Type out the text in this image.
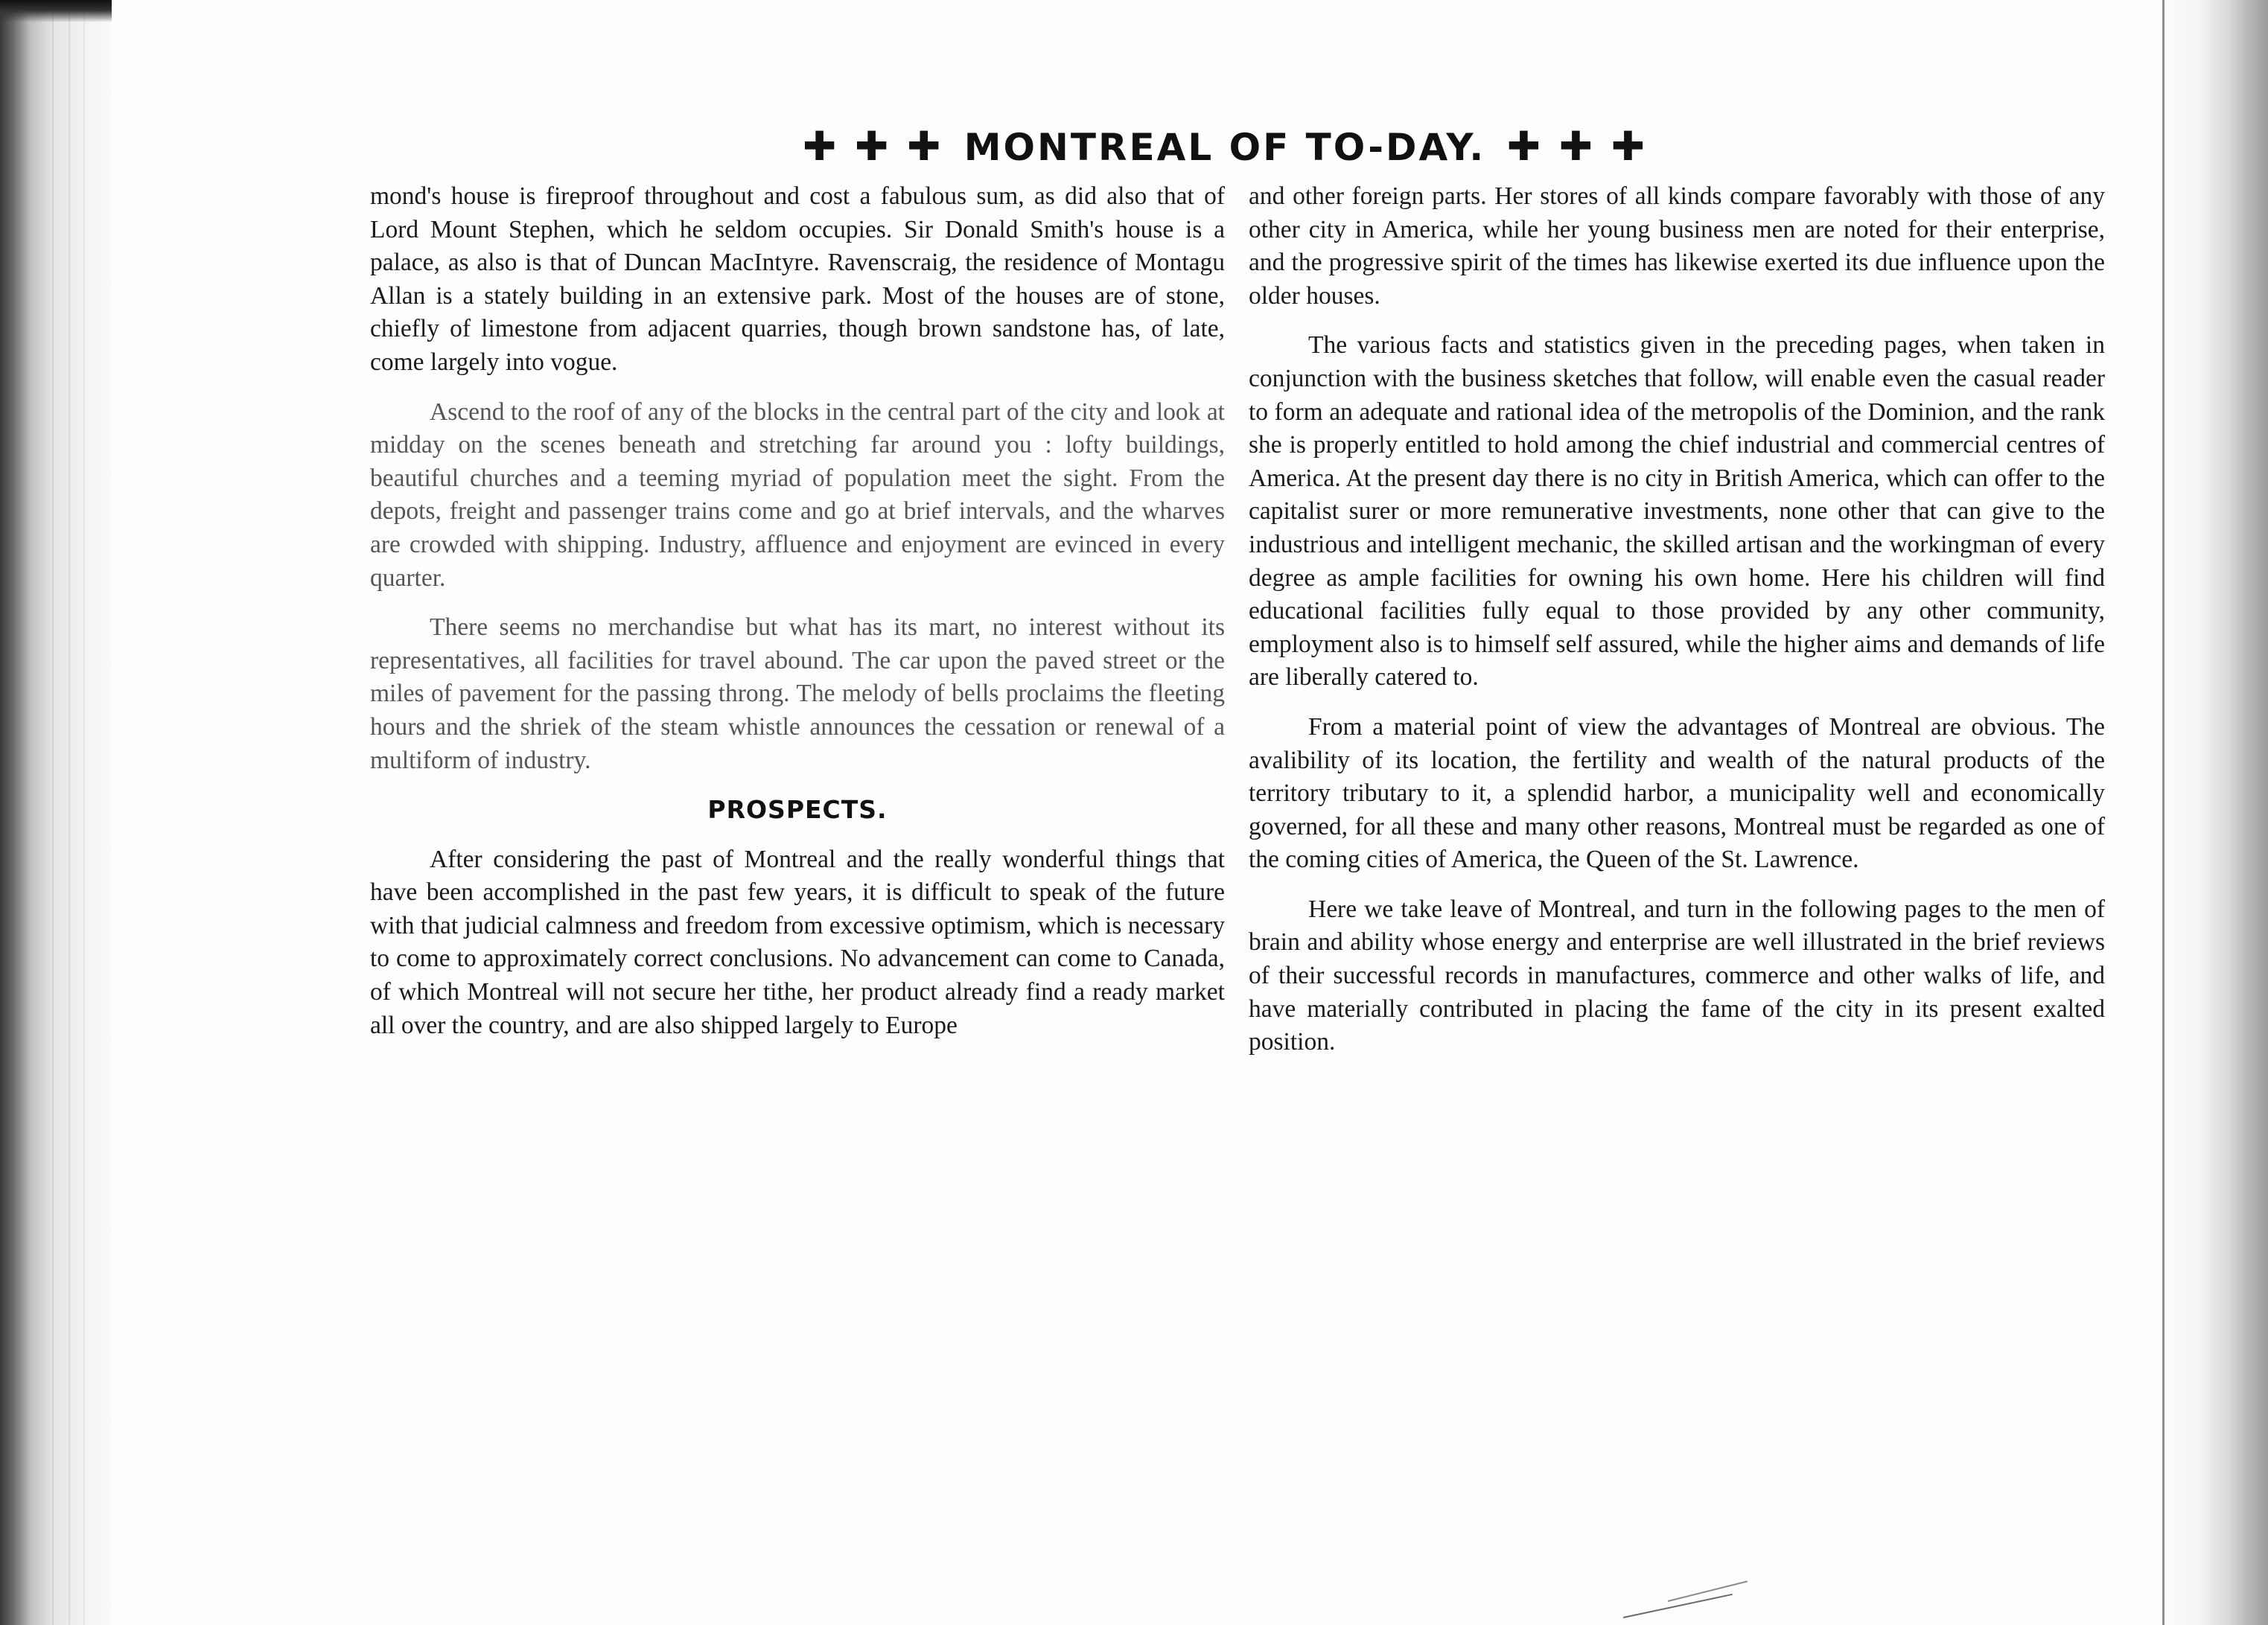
✚ ✚ ✚ MONTREAL OF TO-DAY. ✚ ✚ ✚

mond's house is fireproof throughout and cost a fabulous sum, as did also that of Lord Mount Stephen, which he seldom occupies. Sir Donald Smith's house is a palace, as also is that of Duncan MacIntyre. Ravenscraig, the residence of Montagu Allan is a stately building in an extensive park. Most of the houses are of stone, chiefly of limestone from adjacent quarries, though brown sandstone has, of late, come largely into vogue.

Ascend to the roof of any of the blocks in the central part of the city and look at midday on the scenes beneath and stretching far around you : lofty buildings, beautiful churches and a teeming myriad of population meet the sight. From the depots, freight and passenger trains come and go at brief intervals, and the wharves are crowded with shipping. Industry, affluence and enjoyment are evinced in every quarter.

There seems no merchandise but what has its mart, no interest without its representatives, all facilities for travel abound. The car upon the paved street or the miles of pavement for the passing throng. The melody of bells proclaims the fleeting hours and the shriek of the steam whistle announces the cessation or renewal of a multiform of industry.

PROSPECTS.

After considering the past of Montreal and the really wonderful things that have been accomplished in the past few years, it is difficult to speak of the future with that judicial calmness and freedom from excessive optimism, which is necessary to come to approximately correct conclusions. No advancement can come to Canada, of which Montreal will not secure her tithe, her product already find a ready market all over the country, and are also shipped largely to Europe

and other foreign parts. Her stores of all kinds compare favorably with those of any other city in America, while her young business men are noted for their enterprise, and the progressive spirit of the times has likewise exerted its due influence upon the older houses.

The various facts and statistics given in the preceding pages, when taken in conjunction with the business sketches that follow, will enable even the casual reader to form an adequate and rational idea of the metropolis of the Dominion, and the rank she is properly entitled to hold among the chief industrial and commercial centres of America. At the present day there is no city in British America, which can offer to the capitalist surer or more remunerative investments, none other that can give to the industrious and intelligent mechanic, the skilled artisan and the workingman of every degree as ample facilities for owning his own home. Here his children will find educational facilities fully equal to those provided by any other community, employment also is to himself self assured, while the higher aims and demands of life are liberally catered to.

From a material point of view the advantages of Montreal are obvious. The avalibility of its location, the fertility and wealth of the natural products of the territory tributary to it, a splendid harbor, a municipality well and economically governed, for all these and many other reasons, Montreal must be regarded as one of the coming cities of America, the Queen of the St. Lawrence.

Here we take leave of Montreal, and turn in the following pages to the men of brain and ability whose energy and enterprise are well illustrated in the brief reviews of their successful records in manufactures, commerce and other walks of life, and have materially contributed in placing the fame of the city in its present exalted position.
